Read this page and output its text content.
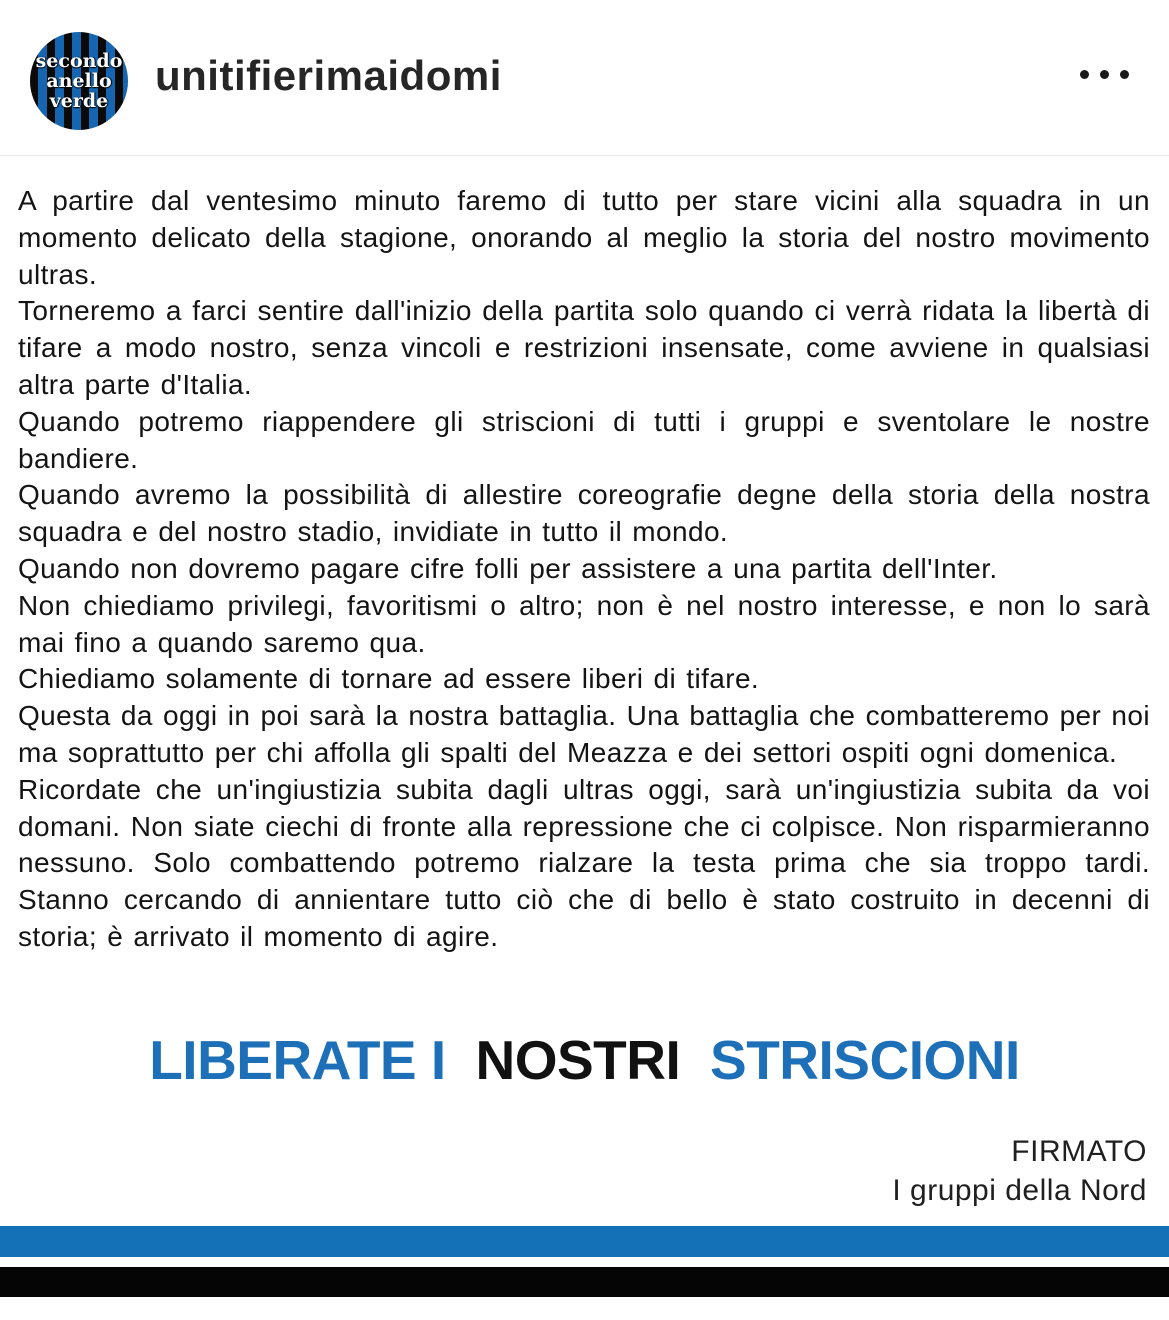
secondo
anello
verde
unitifierimaidomi

A partire dal ventesimo minuto faremo di tutto per stare vicini alla squadra in un momento delicato della stagione, onorando al meglio la storia del nostro movimento ultras.

Torneremo a farci sentire dall'inizio della partita solo quando ci verrà ridata la libertà di tifare a modo nostro, senza vincoli e restrizioni insensate, come avviene in qualsiasi altra parte d'Italia.

Quando potremo riappendere gli striscioni di tutti i gruppi e sventolare le nostre bandiere.

Quando avremo la possibilità di allestire coreografie degne della storia della nostra squadra e del nostro stadio, invidiate in tutto il mondo.

Quando non dovremo pagare cifre folli per assistere a una partita dell'Inter.

Non chiediamo privilegi, favoritismi o altro; non è nel nostro interesse, e non lo sarà mai fino a quando saremo qua.

Chiediamo solamente di tornare ad essere liberi di tifare.

Questa da oggi in poi sarà la nostra battaglia. Una battaglia che combatteremo per noi ma soprattutto per chi affolla gli spalti del Meazza e dei settori ospiti ogni domenica.

Ricordate che un'ingiustizia subita dagli ultras oggi, sarà un'ingiustizia subita da voi domani. Non siate ciechi di fronte alla repressione che ci colpisce. Non risparmieranno nessuno. Solo combattendo potremo rialzare la testa prima che sia troppo tardi. Stanno cercando di annientare tutto ciò che di bello è stato costruito in decenni di storia; è arrivato il momento di agire.

LIBERATE I NOSTRI STRISCIONI
FIRMATO
I gruppi della Nord
